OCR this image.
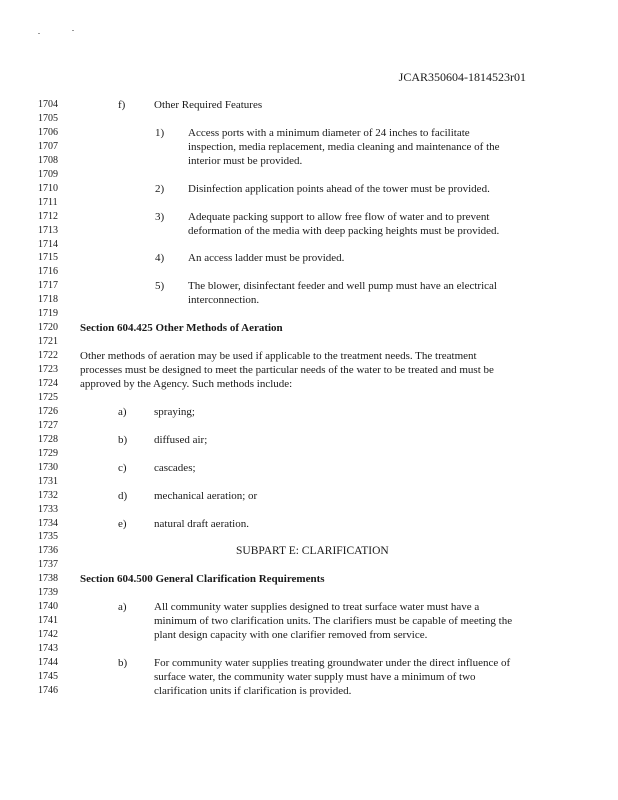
JCAR350604-1814523r01
1704	f)	Other Required Features
1705
1706	1) Access ports with a minimum diameter of 24 inches to facilitate
1707	inspection, media replacement, media cleaning and maintenance of the
1708	interior must be provided.
1709
1710	2) Disinfection application points ahead of the tower must be provided.
1711
1712	3) Adequate packing support to allow free flow of water and to prevent
1713	deformation of the media with deep packing heights must be provided.
1714
1715	4) An access ladder must be provided.
1716
1717	5) The blower, disinfectant feeder and well pump must have an electrical
1718	interconnection.
1719
1720	Section 604.425 Other Methods of Aeration
1721
1722	Other methods of aeration may be used if applicable to the treatment needs. The treatment
1723	processes must be designed to meet the particular needs of the water to be treated and must be
1724	approved by the Agency. Such methods include:
1725
1726	a) spraying;
1727
1728	b) diffused air;
1729
1730	c) cascades;
1731
1732	d) mechanical aeration; or
1733
1734	e) natural draft aeration.
1735
1736	SUBPART E: CLARIFICATION
1737
1738	Section 604.500 General Clarification Requirements
1739
1740	a) All community water supplies designed to treat surface water must have a
1741	minimum of two clarification units. The clarifiers must be capable of meeting the
1742	plant design capacity with one clarifier removed from service.
1743
1744	b) For community water supplies treating groundwater under the direct influence of
1745	surface water, the community water supply must have a minimum of two
1746	clarification units if clarification is provided.
